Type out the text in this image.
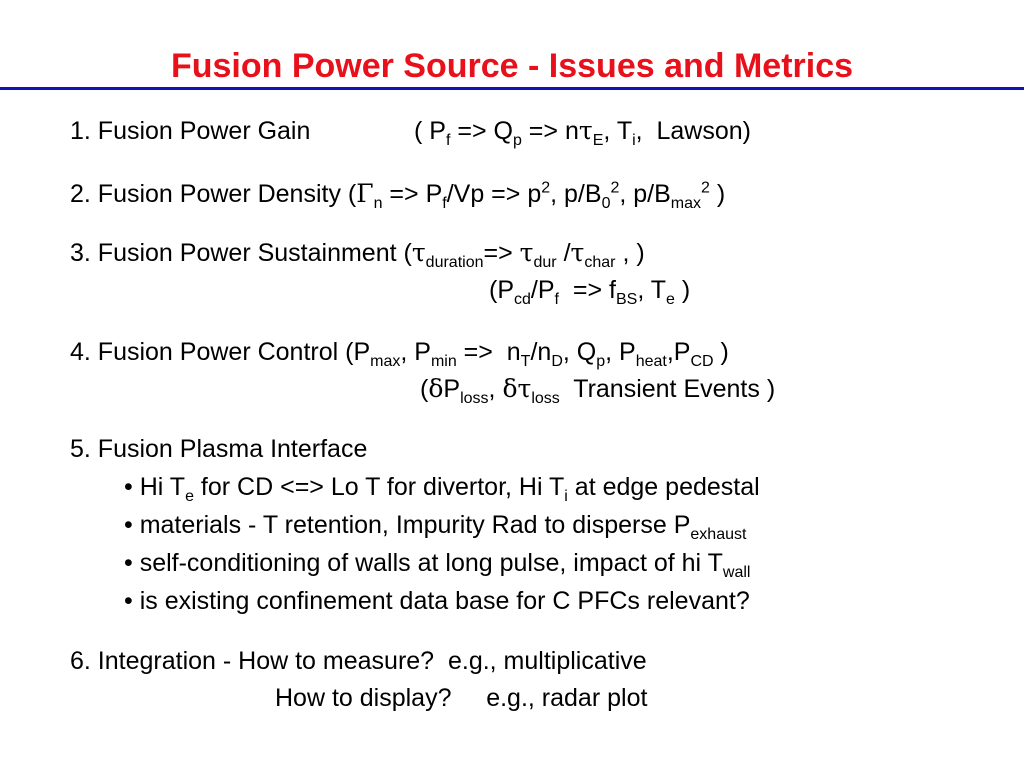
Fusion Power Source - Issues and Metrics
1. Fusion Power Gain	( $P_f => Q_p => n\tau_E$, $T_i$,  Lawson)
2. Fusion Power Density ($\Gamma_n => P_f/Vp => p^2$, $p/B_0^2$, $p/B_{max}^2$ )
3. Fusion Power Sustainment ($\tau_{duration}=> \tau_{dur}$ $/\tau_{char}$ , )
($P_{cd}/P_f => f_{BS}$, $T_e$ )
4. Fusion Power Control ($P_{max}$, $P_{min} => n_T/n_D$, $Q_p$, $P_{heat},P_{CD}$ )
($\delta P_{loss}$, $\delta\tau_{loss}$  Transient Events )
5. Fusion Plasma Interface
• Hi $T_e$ for CD <=> Lo T for divertor, Hi $T_i$ at edge pedestal
• materials - T retention, Impurity Rad to disperse $P_{exhaust}$
• self-conditioning of walls at long pulse, impact of hi $T_{wall}$
• is existing confinement data base for C PFCs relevant?
6. Integration - How to measure?  e.g., multiplicative
How to display?     e.g., radar plot
